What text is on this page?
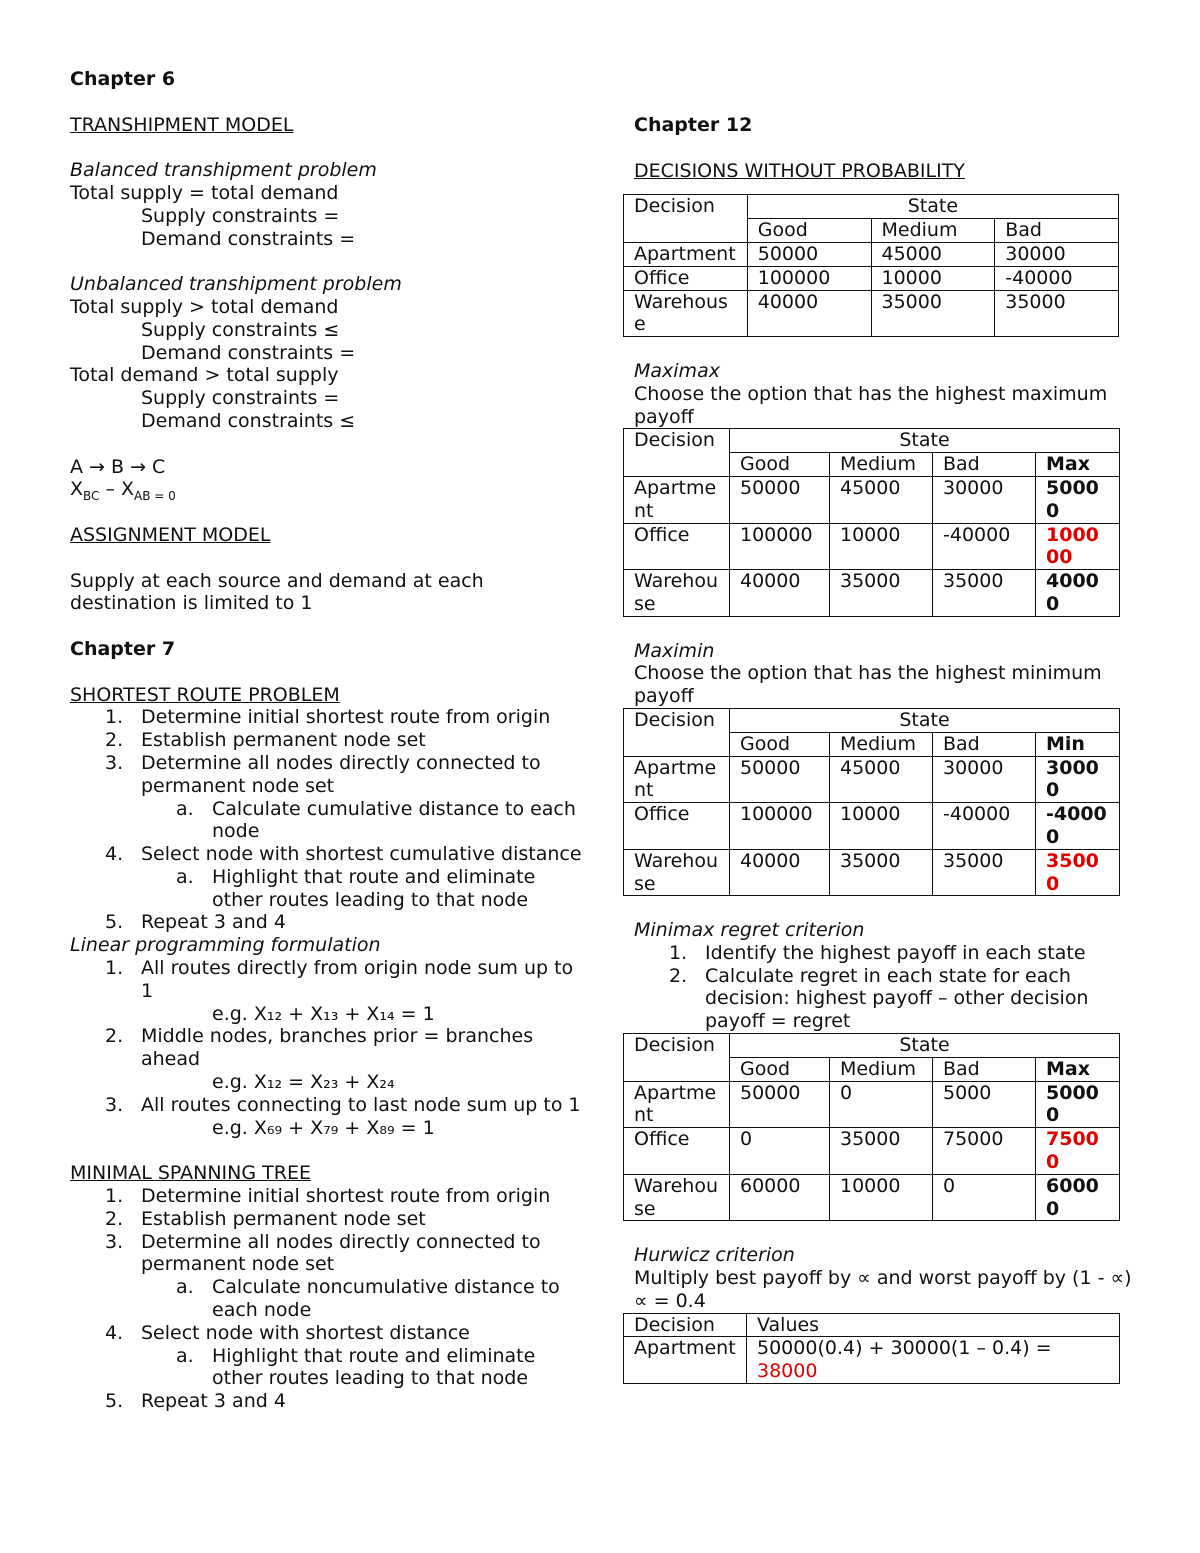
Chapter 6

TRANSHIPMENT MODEL

Balanced transhipment problem

Total supply = total demand

Supply constraints =

Demand constraints =

Unbalanced transhipment problem

Total supply > total demand

Supply constraints ≤

Demand constraints =

Total demand > total supply

Supply constraints =

Demand constraints ≤

A → B → C

$X_{BC} - X_{AB = 0}$

ASSIGNMENT MODEL

Supply at each source and demand at each destination is limited to 1

Chapter 7

SHORTEST ROUTE PROBLEM

1. Determine initial shortest route from origin
2. Establish permanent node set
3. Determine all nodes directly connected to permanent node set
a. Calculate cumulative distance to each node
4. Select node with shortest cumulative distance
a. Highlight that route and eliminate other routes leading to that node
5. Repeat 3 and 4

Linear programming formulation

1. All routes directly from origin node sum up to 1

e.g. X₁₂ + X₁₃ + X₁₄ = 1

2. Middle nodes, branches prior = branches ahead

e.g. X₁₂ = X₂₃ + X₂₄

3. All routes connecting to last node sum up to 1

e.g. X₆₉ + X₇₉ + X₈₉ = 1

MINIMAL SPANNING TREE

1. Determine initial shortest route from origin
2. Establish permanent node set
3. Determine all nodes directly connected to permanent node set
a. Calculate noncumulative distance to each node
4. Select node with shortest distance
a. Highlight that route and eliminate other routes leading to that node
5. Repeat 3 and 4

Chapter 12

DECISIONS WITHOUT PROBABILITY

Decision	State		
	Good	Medium	Bad
Apartment	50000	45000	30000
Office	100000	10000	-40000
Warehouse	40000	35000	35000

Maximax

Choose the option that has the highest maximum payoff

Decision	State			
	Good	Medium	Bad	Max
Apartment	50000	45000	30000	50000
Office	100000	10000	-40000	100000
Warehouse	40000	35000	35000	40000

Maximin

Choose the option that has the highest minimum payoff

Decision	State			
	Good	Medium	Bad	Min
Apartment	50000	45000	30000	30000
Office	100000	10000	-40000	-40000
Warehouse	40000	35000	35000	35000

Minimax regret criterion

1. Identify the highest payoff in each state
2. Calculate regret in each state for each decision: highest payoff – other decision payoff = regret
Decision	State			
	Good	Medium	Bad	Max
Apartment	50000	0	5000	50000
Office	0	35000	75000	75000
Warehouse	60000	10000	0	60000

Hurwicz criterion

Multiply best payoff by ∝ and worst payoff by (1 - ∝)

∝ = 0.4

Decision	Values
Apartment	50000(0.4) + 30000(1 – 0.4) =
38000
